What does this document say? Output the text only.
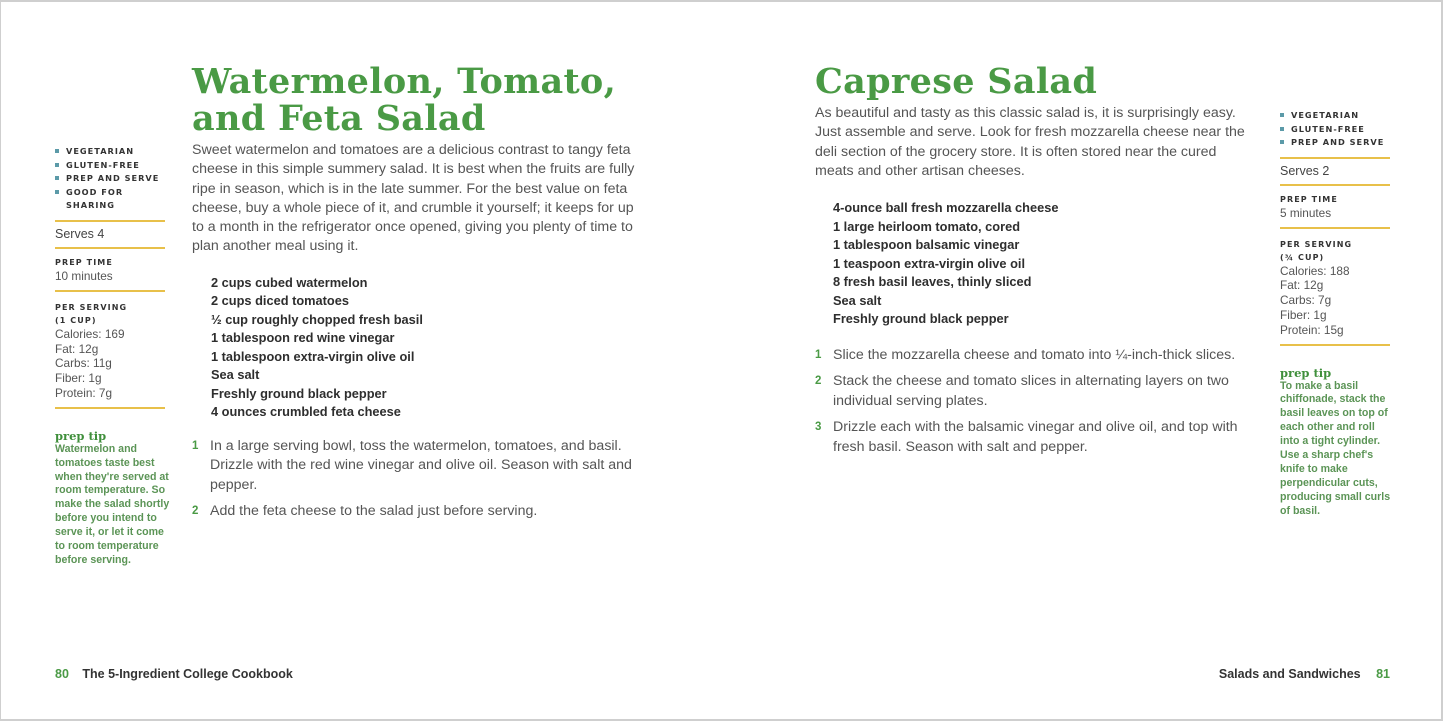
VEGETARIAN
GLUTEN-FREE
PREP AND SERVE
GOOD FOR SHARING
Serves 4
PREP TIME
10 minutes
PER SERVING
(1 CUP)
Calories: 169
Fat: 12g
Carbs: 11g
Fiber: 1g
Protein: 7g
prep tip
Watermelon and tomatoes taste best when they're served at room temperature. So make the salad shortly before you intend to serve it, or let it come to room temperature before serving.
Watermelon, Tomato,
and Feta Salad
Sweet watermelon and tomatoes are a delicious contrast to tangy feta cheese in this simple summery salad. It is best when the fruits are fully ripe in season, which is in the late summer. For the best value on feta cheese, buy a whole piece of it, and crumble it yourself; it keeps for up to a month in the refrigerator once opened, giving you plenty of time to plan another meal using it.
2 cups cubed watermelon
2 cups diced tomatoes
½ cup roughly chopped fresh basil
1 tablespoon red wine vinegar
1 tablespoon extra-virgin olive oil
Sea salt
Freshly ground black pepper
4 ounces crumbled feta cheese
1 In a large serving bowl, toss the watermelon, tomatoes, and basil. Drizzle with the red wine vinegar and olive oil. Season with salt and pepper.
2 Add the feta cheese to the salad just before serving.
80 The 5-Ingredient College Cookbook
Caprese Salad
As beautiful and tasty as this classic salad is, it is surprisingly easy. Just assemble and serve. Look for fresh mozzarella cheese near the deli section of the grocery store. It is often stored near the cured meats and other artisan cheeses.
4-ounce ball fresh mozzarella cheese
1 large heirloom tomato, cored
1 tablespoon balsamic vinegar
1 teaspoon extra-virgin olive oil
8 fresh basil leaves, thinly sliced
Sea salt
Freshly ground black pepper
1 Slice the mozzarella cheese and tomato into ¼-inch-thick slices.
2 Stack the cheese and tomato slices in alternating layers on two individual serving plates.
3 Drizzle each with the balsamic vinegar and olive oil, and top with fresh basil. Season with salt and pepper.
VEGETARIAN
GLUTEN-FREE
PREP AND SERVE
Serves 2
PREP TIME
5 minutes
PER SERVING
(¾ CUP)
Calories: 188
Fat: 12g
Carbs: 7g
Fiber: 1g
Protein: 15g
prep tip
To make a basil chiffonade, stack the basil leaves on top of each other and roll into a tight cylinder. Use a sharp chef's knife to make perpendicular cuts, producing small curls of basil.
Salads and Sandwiches 81
